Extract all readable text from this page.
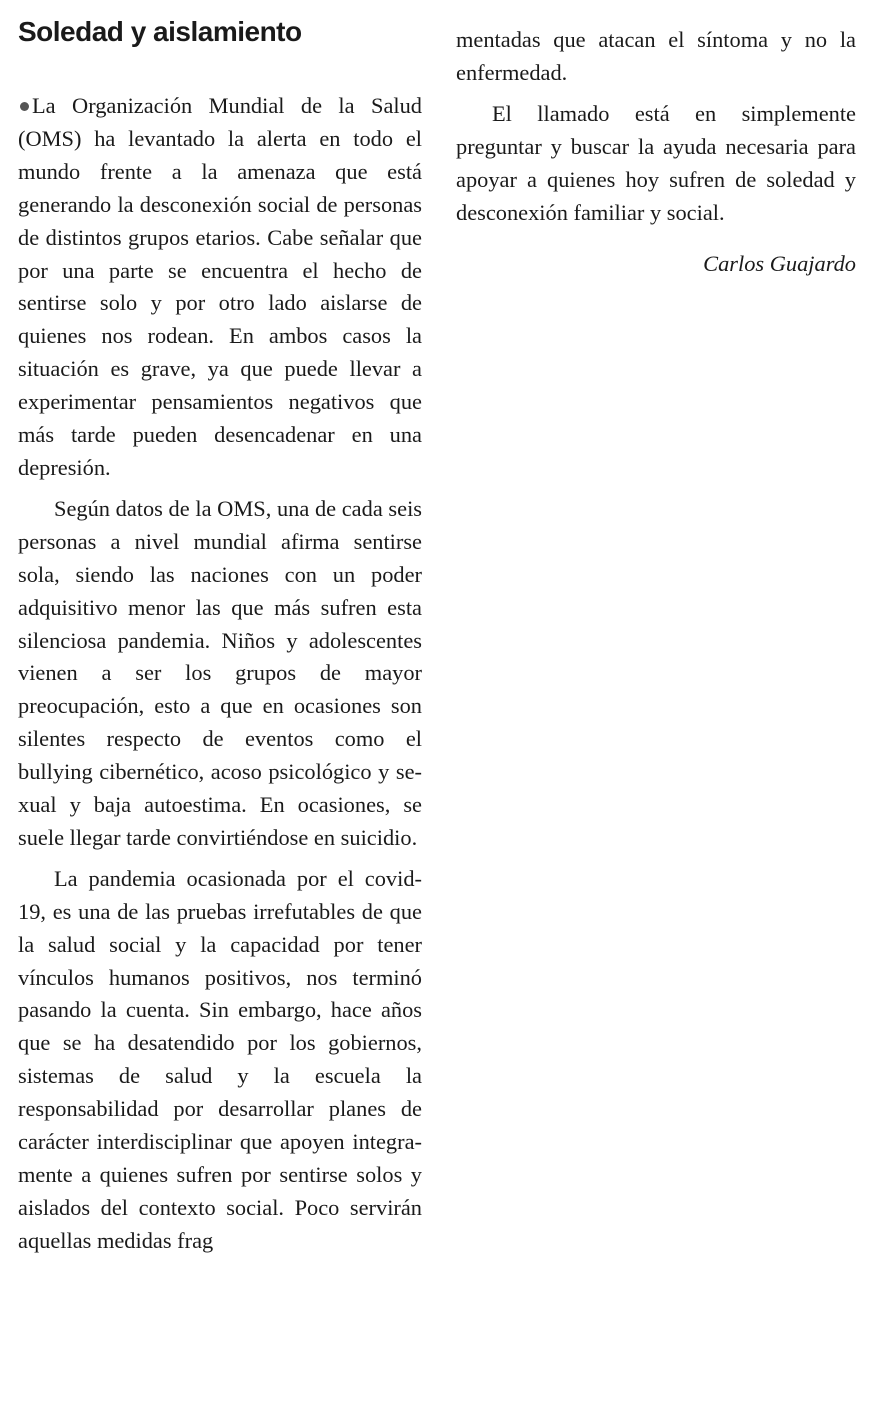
Soledad y aislamiento

La Organización Mundial de la Salud (OMS) ha levantado la alerta en todo el mundo frente a la amenaza que está generando la desconexión social de personas de distintos grupos etarios. Cabe señalar que por una parte se encuentra el hecho de sentirse solo y por otro lado aislarse de quienes nos rodean. En ambos casos la situación es grave, ya que puede llevar a experimentar pensamientos negativos que más tarde pueden desencadenar en una depresión.

Según datos de la OMS, una de cada seis personas a nivel mundial afirma sentirse sola, siendo las naciones con un poder adquisitivo menor las que más sufren esta silenciosa pandemia. Niños y adolescentes vienen a ser los grupos de mayor preocupación, esto a que en ocasiones son silentes respecto de eventos como el bullying cibernético, acoso psicológico y sexual y baja autoestima. En ocasiones, se suele llegar tarde convirtiéndose en suicidio.

La pandemia ocasionada por el covid-19, es una de las pruebas irrefutables de que la salud social y la capacidad por tener vínculos humanos positivos, nos terminó pasando la cuenta. Sin embargo, hace años que se ha desatendido por los gobiernos, sistemas de salud y la escuela la responsabilidad por desarrollar planes de carácter interdisciplinar que apoyen integramente a quienes sufren por sentirse solos y aislados del contexto social. Poco servirán aquellas medidas frag

mentadas que atacan el síntoma y no la enfermedad.

El llamado está en simplemente preguntar y buscar la ayuda necesaria para apoyar a quienes hoy sufren de soledad y desconexión familiar y social.

Carlos Guajardo
